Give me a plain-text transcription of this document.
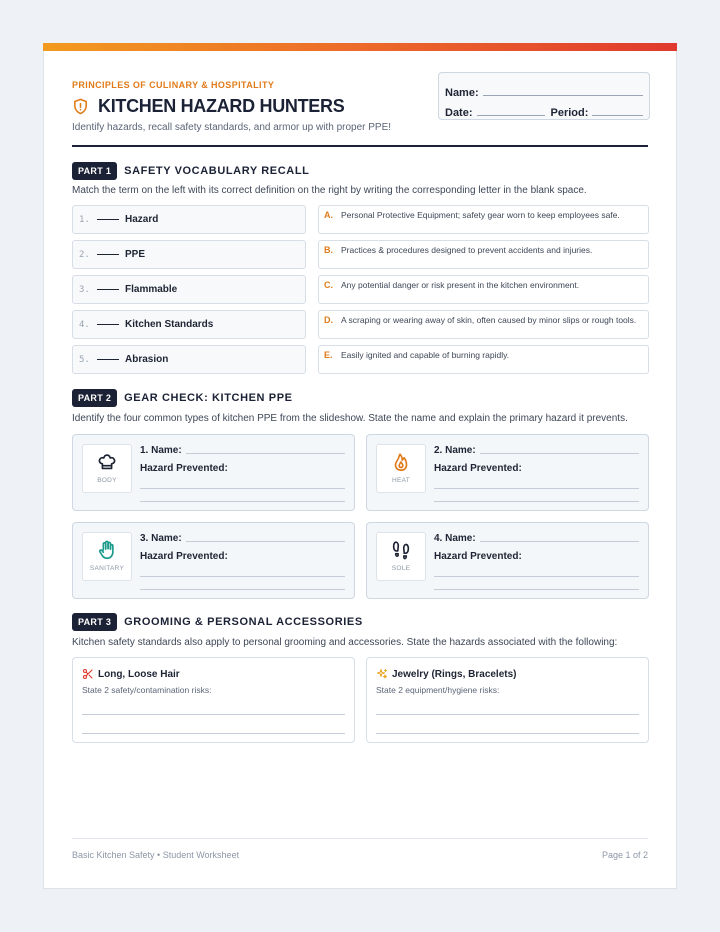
PRINCIPLES OF CULINARY & HOSPITALITY
KITCHEN HAZARD HUNTERS
Identify hazards, recall safety standards, and armor up with proper PPE!
Name:
Date:	Period:
PART 1	SAFETY VOCABULARY RECALL
Match the term on the left with its correct definition on the right by writing the corresponding letter in the blank space.
1.	Hazard
2.	PPE
3.	Flammable
4.	Kitchen Standards
5.	Abrasion
A. Personal Protective Equipment; safety gear worn to keep employees safe.
B. Practices & procedures designed to prevent accidents and injuries.
C. Any potential danger or risk present in the kitchen environment.
D. A scraping or wearing away of skin, often caused by minor slips or rough tools.
E. Easily ignited and capable of burning rapidly.
PART 2	GEAR CHECK: KITCHEN PPE
Identify the four common types of kitchen PPE from the slideshow. State the name and explain the primary hazard it prevents.
BODY
1. Name:
Hazard Prevented:
HEAT
2. Name:
Hazard Prevented:
SANITARY
3. Name:
Hazard Prevented:
SOLE
4. Name:
Hazard Prevented:
PART 3	GROOMING & PERSONAL ACCESSORIES
Kitchen safety standards also apply to personal grooming and accessories. State the hazards associated with the following:
Long, Loose Hair
State 2 safety/contamination risks:
Jewelry (Rings, Bracelets)
State 2 equipment/hygiene risks:
Basic Kitchen Safety • Student Worksheet	Page 1 of 2
